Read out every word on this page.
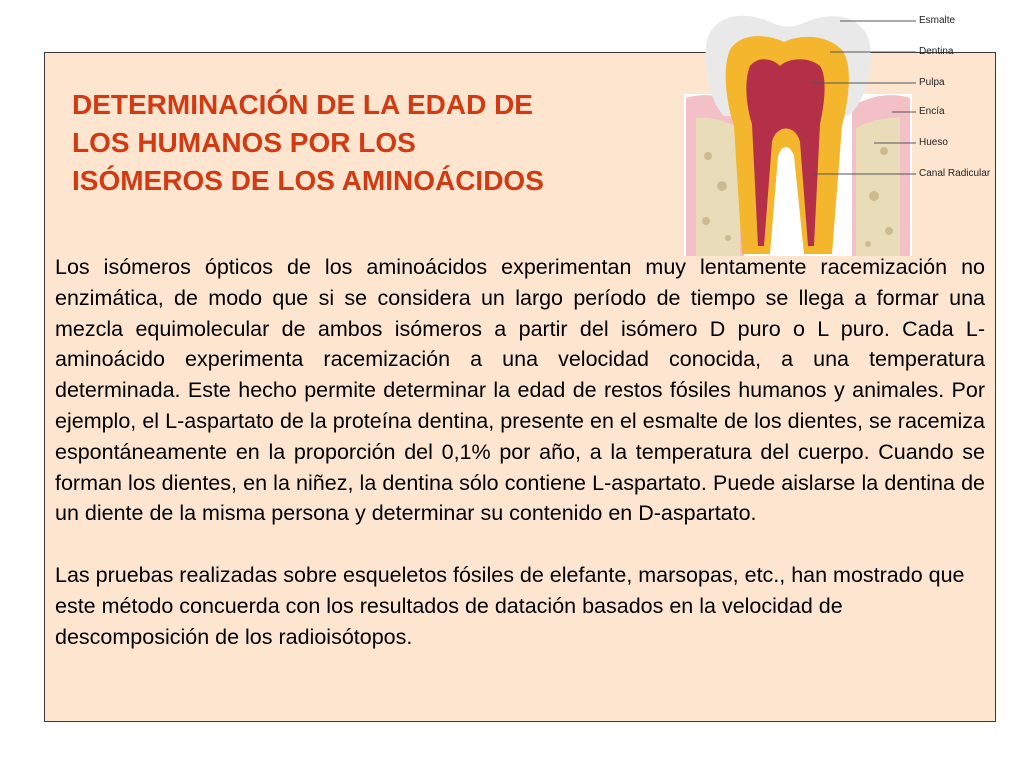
DETERMINACIÓN DE LA EDAD DE
LOS HUMANOS POR LOS
ISÓMEROS DE LOS AMINOÁCIDOS
Esmalte
Dentina
Pulpa
Encía
Hueso
Canal Radicular

Los isómeros ópticos de los aminoácidos experimentan muy lentamente racemización no enzimática, de modo que si se considera un largo período de tiempo se llega a formar una mezcla equimolecular de ambos isómeros a partir del isómero D puro o L puro. Cada L-aminoácido experimenta racemización a una velocidad conocida, a una temperatura determinada. Este hecho permite determinar la edad de restos fósiles humanos y animales. Por ejemplo, el L-aspartato de la proteína dentina, presente en el esmalte de los dientes, se racemiza espontáneamente en la proporción del 0,1% por año, a la temperatura del cuerpo. Cuando se forman los dientes, en la niñez, la dentina sólo contiene L-aspartato. Puede aislarse la dentina de un diente de la misma persona y determinar su contenido en D-aspartato.

Las pruebas realizadas sobre esqueletos fósiles de elefante, marsopas, etc., han mostrado que este método concuerda con los resultados de datación basados en la velocidad de descomposición de los radioisótopos.
